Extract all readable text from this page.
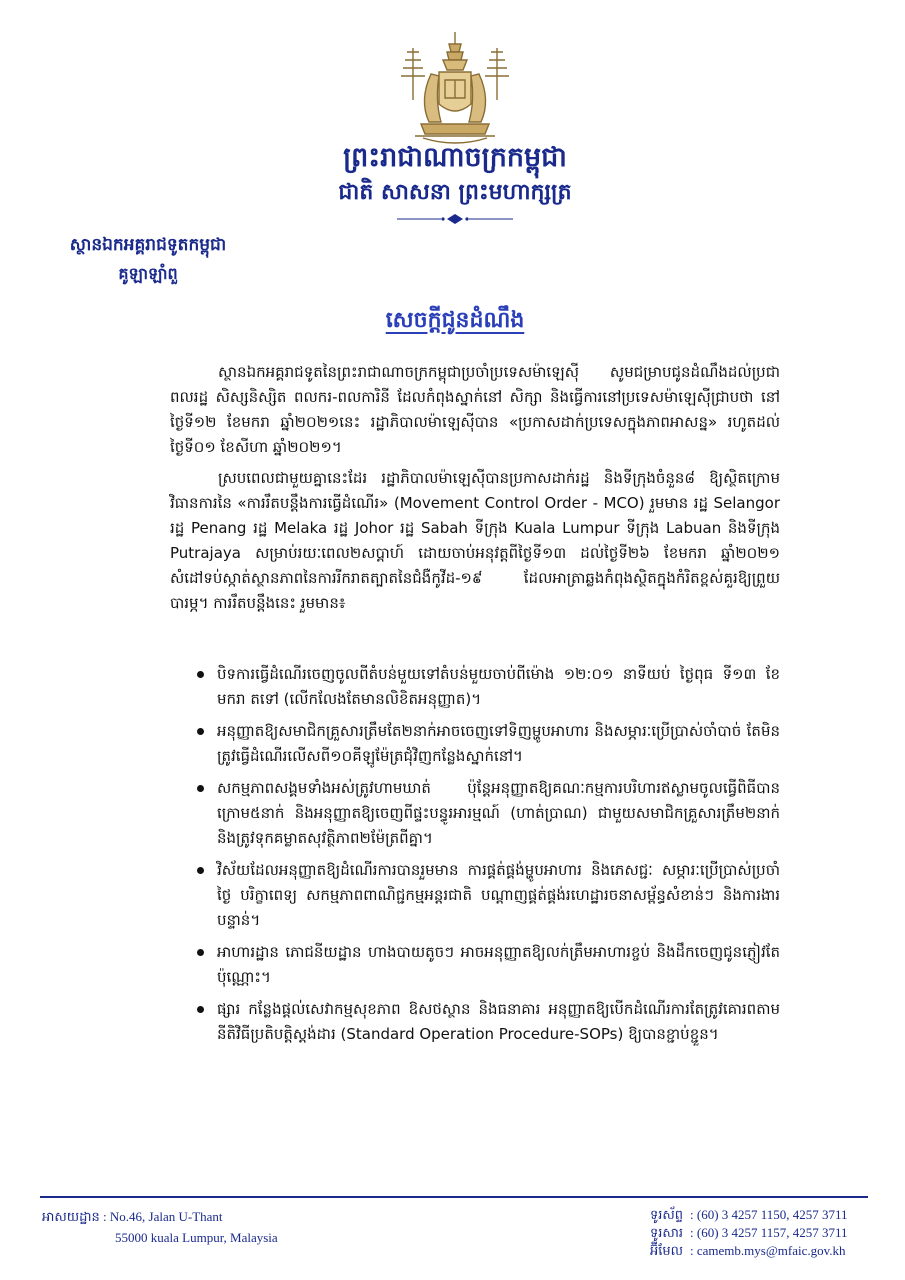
ព្រះរាជាណាចក្រកម្ពុជា
ជាតិ សាសនា ព្រះមហាក្សត្រ
ស្ថានឯកអគ្គរាជទូតកម្ពុជា
គូឡាឡាំពួ
សេចក្តីជូនដំណឹង

ស្ថានឯកអគ្គរាជទូតនៃព្រះរាជាណាចក្រកម្ពុជាប្រចាំប្រទេសម៉ាឡេស៊ី សូមជម្រាបជូនដំណឹងដល់ប្រជាពលរដ្ឋ សិស្សនិស្សិត ពលករ-ពលការិនី ដែលកំពុងស្នាក់នៅ សិក្សា និងធ្វើការនៅប្រទេសម៉ាឡេស៊ីជ្រាបថា នៅថ្ងៃទី១២ ខែមករា ឆ្នាំ២០២១នេះ រដ្ឋាភិបាលម៉ាឡេស៊ីបាន «ប្រកាសដាក់ប្រទេសក្នុងភាពអាសន្ន» រហូតដល់ថ្ងៃទី០១ ខែសីហា ឆ្នាំ២០២១។

ស្របពេលជាមួយគ្នានេះដែរ រដ្ឋាភិបាលម៉ាឡេស៊ីបានប្រកាសដាក់រដ្ឋ និងទីក្រុងចំនួន៨ ឱ្យស្ថិតក្រោមវិធានការនៃ «ការរឹតបន្តឹងការធ្វើដំណើរ» (Movement Control Order - MCO) រួមមាន រដ្ឋ Selangor រដ្ឋ Penang រដ្ឋ Melaka រដ្ឋ Johor រដ្ឋ Sabah ទីក្រុង Kuala Lumpur ទីក្រុង Labuan និងទីក្រុង Putrajaya សម្រាប់រយៈពេល២សប្តាហ៍ ដោយចាប់អនុវត្តពីថ្ងៃទី១៣ ដល់ថ្ងៃទី២៦ ខែមករា ឆ្នាំ២០២១ សំដៅទប់ស្កាត់ស្ថានភាពនៃការរីករាតត្បាតនៃជំងឺកូវីដ-១៩ ដែលអាត្រាឆ្លងកំពុងស្ថិតក្នុងកំរិតខ្ពស់គួរឱ្យព្រួយបារម្ភ។ ការរឹតបន្តឹងនេះ រួមមាន៖

បិទការធ្វើដំណើរចេញចូលពីតំបន់មួយទៅតំបន់មួយចាប់ពីម៉ោង ១២:០១ នាទីយប់ ថ្ងៃពុធ ទី១៣ ខែមករា តទៅ (លើកលែងតែមានលិខិតអនុញ្ញាត)។
អនុញ្ញាតឱ្យសមាជិកគ្រួសារត្រឹមតែ២នាក់អាចចេញទៅទិញម្ហូបអាហារ និងសម្ភារៈប្រើប្រាស់ចាំបាច់ តែមិនត្រូវធ្វើដំណើរលើសពី១០គីឡូម៉ែត្រជុំវិញកន្លែងស្នាក់នៅ។
សកម្មភាពសង្គមទាំងអស់ត្រូវហាមឃាត់ ប៉ុន្តែអនុញ្ញាតឱ្យគណៈកម្មការបរិហារឥស្លាមចូលធ្វើពិធីបានក្រោម៥នាក់ និងអនុញ្ញាតឱ្យចេញពីផ្ទះបន្ធូរអារម្មណ៍ (ហាត់ប្រាណ) ជាមួយសមាជិកគ្រួសារត្រឹម២នាក់ និងត្រូវទុកគម្លាតសុវត្ថិភាព២ម៉ែត្រពីគ្នា។
វិស័យដែលអនុញ្ញាតឱ្យដំណើរការបានរួមមាន ការផ្គត់ផ្គង់ម្ហូបអាហារ និងភេសជ្ជៈ សម្ភារៈប្រើប្រាស់ប្រចាំថ្ងៃ បរិក្ខាពេទ្យ សកម្មភាពពាណិជ្ជកម្មអន្តរជាតិ បណ្តាញផ្គត់ផ្គង់រហេដ្ឋារចនាសម្ព័ន្ធសំខាន់ៗ និងការងារបន្ទាន់។
អាហារដ្ឋាន ភោជនីយដ្ឋាន ហាងបាយតូចៗ អាចអនុញ្ញាតឱ្យលក់ត្រឹមអាហារខ្ចប់ និងដឹកចេញជូនភ្ញៀវតែប៉ុណ្ណោះ។
ផ្សារ កន្លែងផ្តល់សេវាកម្មសុខភាព ឱសថស្ថាន និងធនាគារ អនុញ្ញាតឱ្យបើកដំណើរការតែត្រូវគោរពតាមនីតិវិធីប្រតិបត្តិស្តង់ដារ (Standard Operation Procedure-SOPs) ឱ្យបានខ្ជាប់ខ្ជួន។
អាសយដ្ឋាន : No.46, Jalan U-Thant
55000 kuala Lumpur, Malaysia
ទូរស័ព្ទ : (60) 3 4257 1150, 4257 3711
ទូរសារ : (60) 3 4257 1157, 4257 3711
អ៊ីមែល : camemb.mys@mfaic.gov.kh
